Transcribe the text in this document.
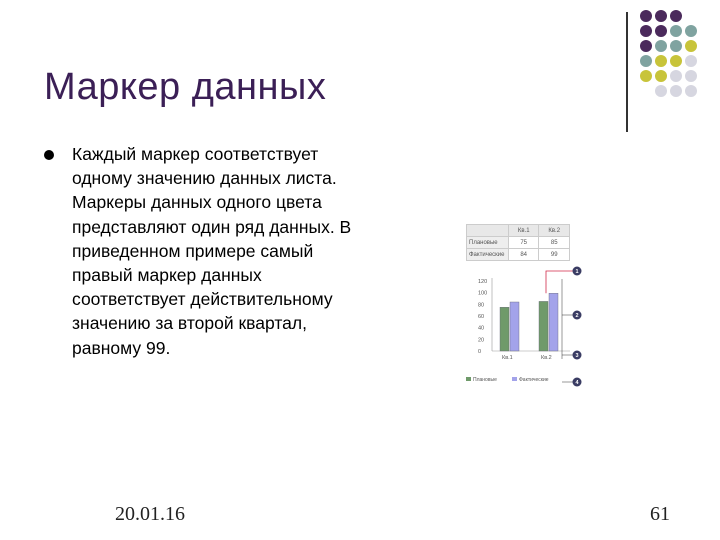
Маркер данных
Каждый маркер соответствует одному значению данных листа. Маркеры данных одного цвета представляют один ряд данных. В приведенном примере самый правый маркер данных соответствует действительному значению за второй квартал, равному 99.
	Кв.1	Кв.2
Плановые	75	85
Фактические	84	99
120
100
80
60
40
20
0
Кв.1	Кв.2
Плановые	Фактические
1
2
3
4
20.01.16	61
